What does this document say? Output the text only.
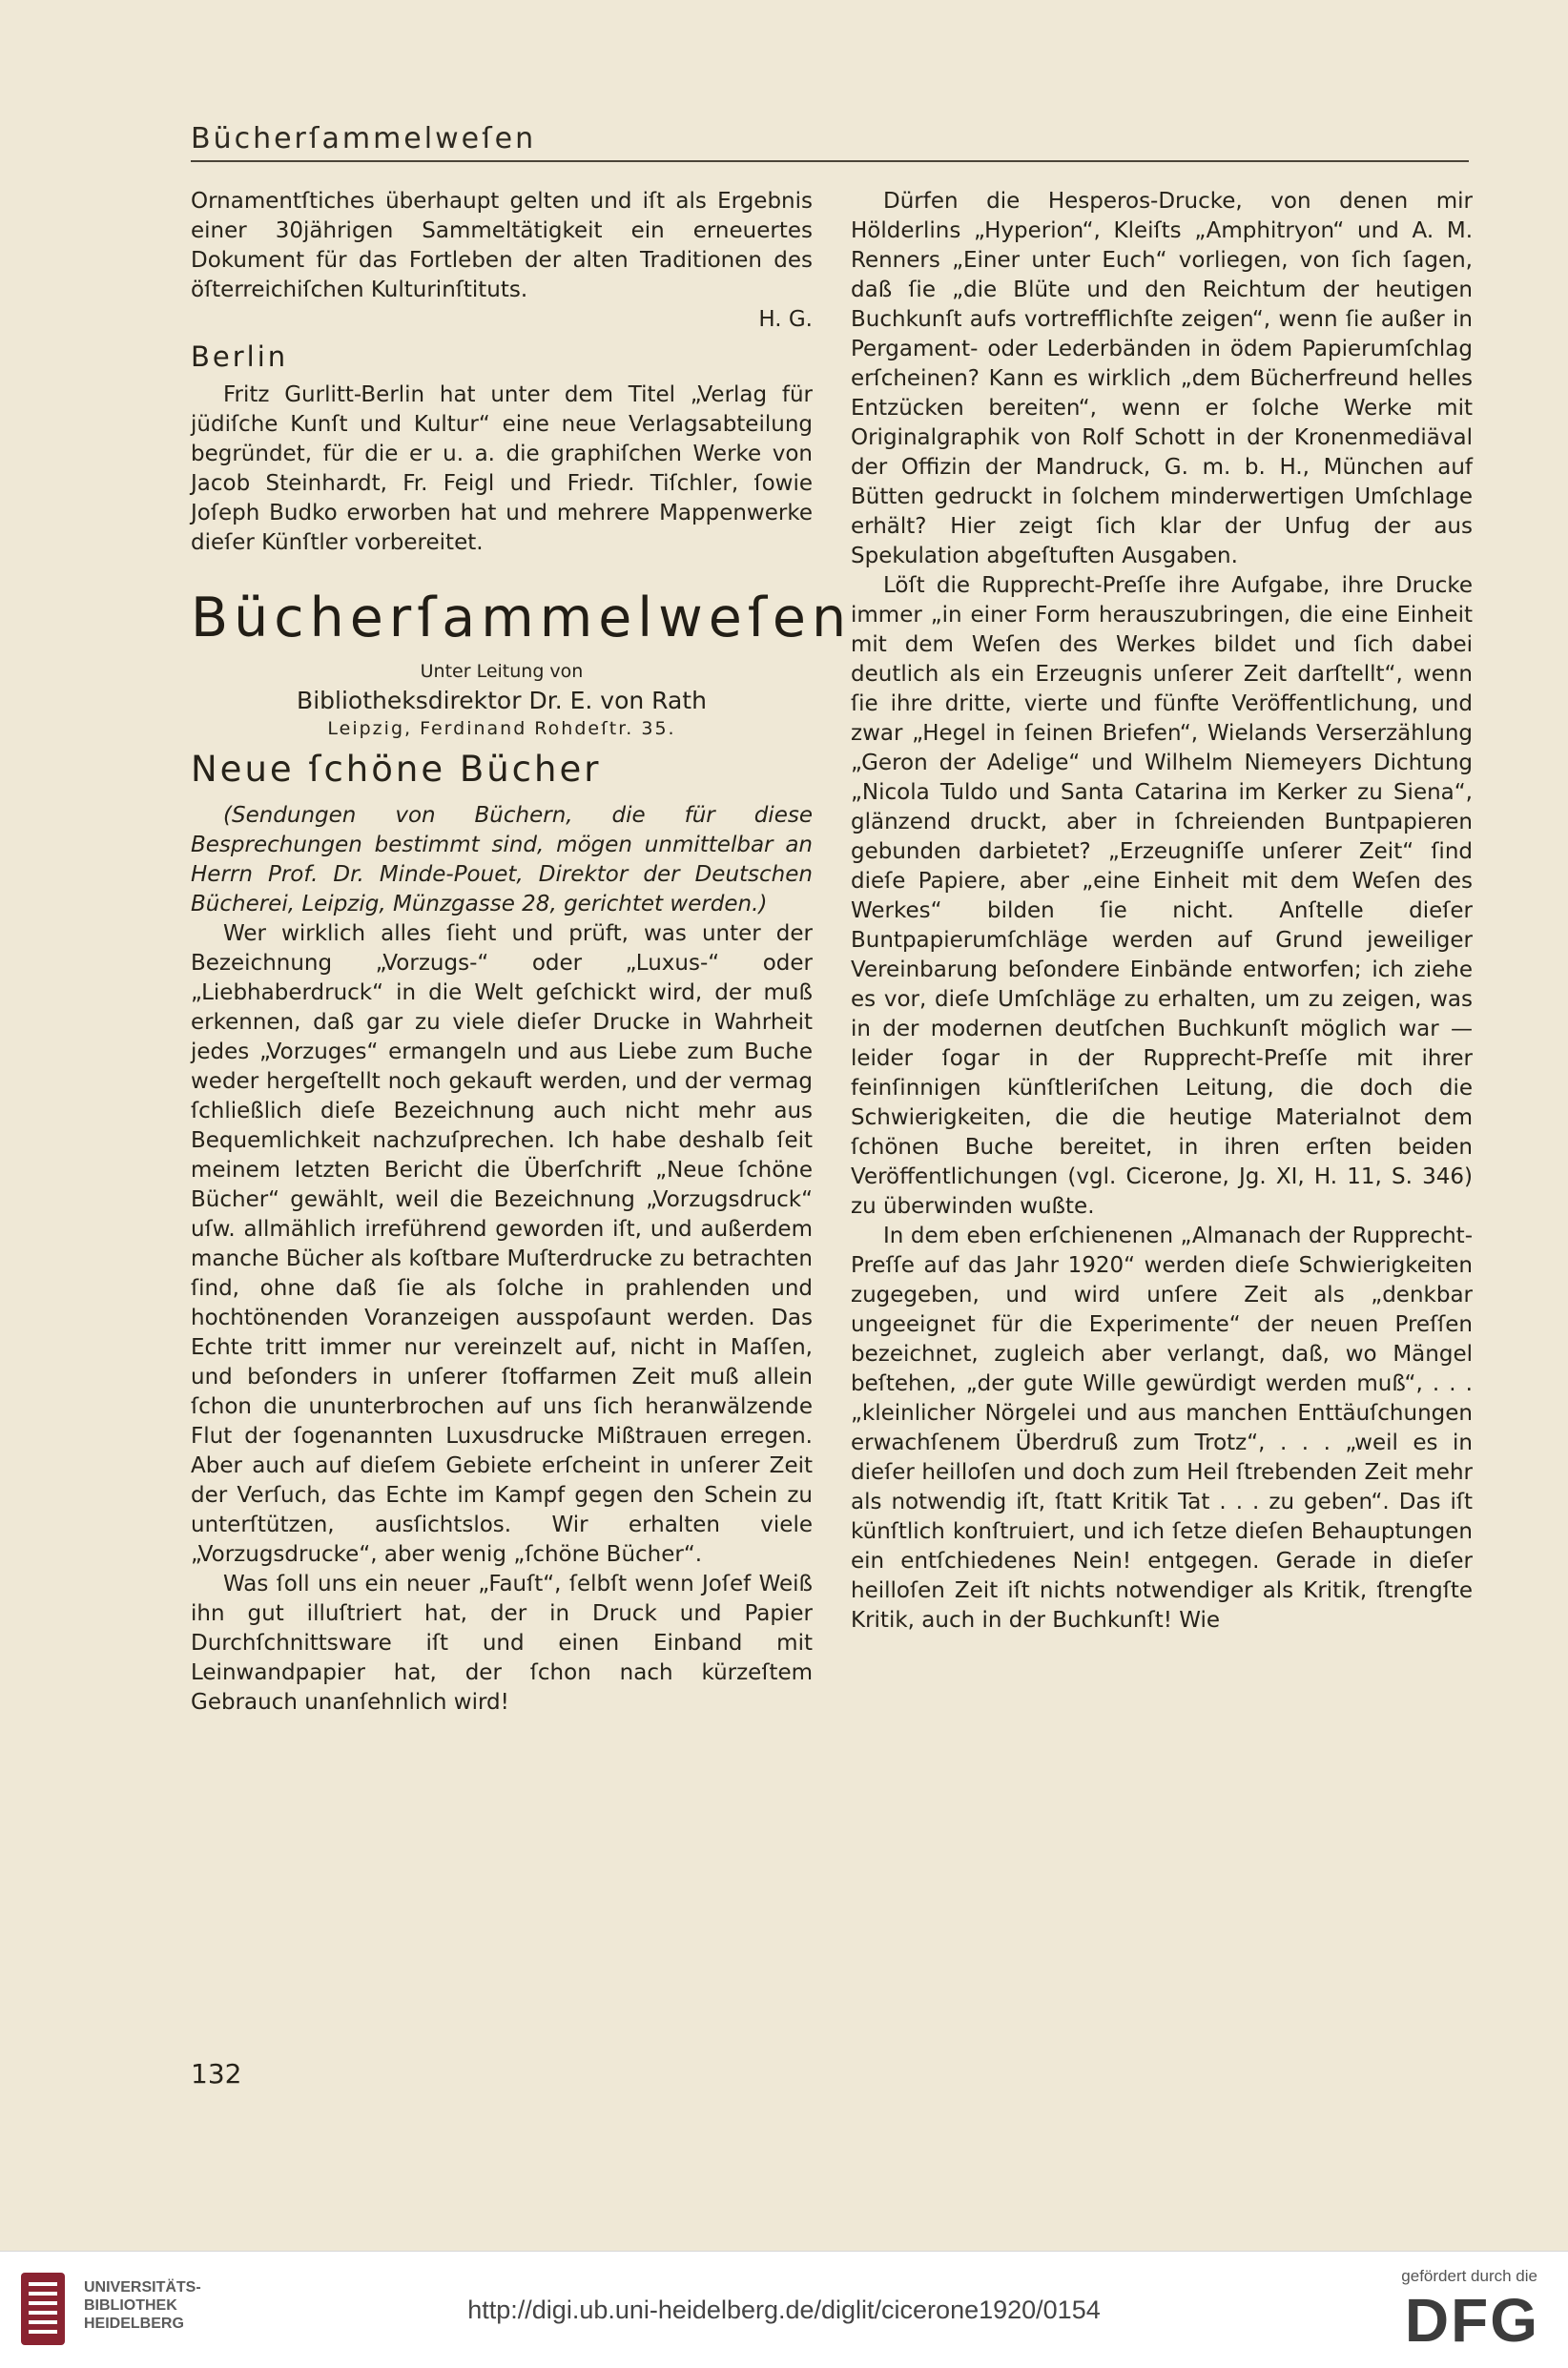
Bücherſammelweſen

Ornamentſtiches überhaupt gelten und iſt als Ergebnis einer 30jährigen Sammeltätigkeit ein erneuertes Dokument für das Fortleben der alten Traditionen des öſterreichiſchen Kulturinſtituts.

H. G.

Berlin

Fritz Gurlitt-Berlin hat unter dem Titel „Verlag für jüdiſche Kunſt und Kultur“ eine neue Verlagsabteilung begründet, für die er u. a. die graphiſchen Werke von Jacob Steinhardt, Fr. Feigl und Friedr. Tiſchler, ſowie Joſeph Budko erworben hat und mehrere Mappenwerke dieſer Künſtler vorbereitet.

Bücherſammelweſen
Unter Leitung von
Bibliotheksdirektor Dr. E. von Rath
Leipzig, Ferdinand Rohdeſtr. 35.
Neue ſchöne Bücher

(Sendungen von Büchern, die für diese Besprechungen bestimmt sind, mögen unmittelbar an Herrn Prof. Dr. Minde-Pouet, Direktor der Deutschen Bücherei, Leipzig, Münzgasse 28, gerichtet werden.)

Wer wirklich alles ſieht und prüft, was unter der Bezeichnung „Vorzugs-“ oder „Luxus-“ oder „Liebhaberdruck“ in die Welt geſchickt wird, der muß erkennen, daß gar zu viele dieſer Drucke in Wahrheit jedes „Vorzuges“ ermangeln und aus Liebe zum Buche weder hergeſtellt noch gekauft werden, und der vermag ſchließlich dieſe Bezeichnung auch nicht mehr aus Bequemlichkeit nachzuſprechen. Ich habe deshalb ſeit meinem letzten Bericht die Überſchrift „Neue ſchöne Bücher“ gewählt, weil die Bezeichnung „Vorzugsdruck“ uſw. allmählich irreführend geworden iſt, und außerdem manche Bücher als koſtbare Muſterdrucke zu betrachten ſind, ohne daß ſie als ſolche in prahlenden und hochtönenden Voranzeigen ausspoſaunt werden. Das Echte tritt immer nur vereinzelt auf, nicht in Maſſen, und beſonders in unſerer ſtoffarmen Zeit muß allein ſchon die ununterbrochen auf uns ſich heranwälzende Flut der ſogenannten Luxusdrucke Mißtrauen erregen. Aber auch auf dieſem Gebiete erſcheint in unſerer Zeit der Verſuch, das Echte im Kampf gegen den Schein zu unterſtützen, ausſichtslos. Wir erhalten viele „Vorzugsdrucke“, aber wenig „ſchöne Bücher“.

Was ſoll uns ein neuer „Fauſt“, ſelbſt wenn Joſef Weiß ihn gut illuſtriert hat, der in Druck und Papier Durchſchnittsware iſt und einen Einband mit Leinwandpapier hat, der ſchon nach kürzeſtem Gebrauch unanſehnlich wird!

Dürfen die Hesperos-Drucke, von denen mir Hölderlins „Hyperion“, Kleiſts „Amphitryon“ und A. M. Renners „Einer unter Euch“ vorliegen, von ſich ſagen, daß ſie „die Blüte und den Reichtum der heutigen Buchkunſt aufs vortrefflichſte zeigen“, wenn ſie außer in Pergament- oder Lederbänden in ödem Papierumſchlag erſcheinen? Kann es wirklich „dem Bücherfreund helles Entzücken bereiten“, wenn er ſolche Werke mit Originalgraphik von Rolf Schott in der Kronenmediäval der Offizin der Mandruck, G. m. b. H., München auf Bütten gedruckt in ſolchem minderwertigen Umſchlage erhält? Hier zeigt ſich klar der Unfug der aus Spekulation abgeſtuften Ausgaben.

Löſt die Rupprecht-Preſſe ihre Aufgabe, ihre Drucke immer „in einer Form herauszubringen, die eine Einheit mit dem Weſen des Werkes bildet und ſich dabei deutlich als ein Erzeugnis unſerer Zeit darſtellt“, wenn ſie ihre dritte, vierte und fünfte Veröffentlichung, und zwar „Hegel in ſeinen Briefen“, Wielands Verserzählung „Geron der Adelige“ und Wilhelm Niemeyers Dichtung „Nicola Tuldo und Santa Catarina im Kerker zu Siena“, glänzend druckt, aber in ſchreienden Buntpapieren gebunden darbietet? „Erzeugniſſe unſerer Zeit“ ſind dieſe Papiere, aber „eine Einheit mit dem Weſen des Werkes“ bilden ſie nicht. Anſtelle dieſer Buntpapierumſchläge werden auf Grund jeweiliger Vereinbarung beſondere Einbände entworfen; ich ziehe es vor, dieſe Umſchläge zu erhalten, um zu zeigen, was in der modernen deutſchen Buchkunſt möglich war — leider ſogar in der Rupprecht-Preſſe mit ihrer feinſinnigen künſtleriſchen Leitung, die doch die Schwierigkeiten, die die heutige Materialnot dem ſchönen Buche bereitet, in ihren erſten beiden Veröffentlichungen (vgl. Cicerone, Jg. XI, H. 11, S. 346) zu überwinden wußte.

In dem eben erſchienenen „Almanach der Rupprecht-Preſſe auf das Jahr 1920“ werden dieſe Schwierigkeiten zugegeben, und wird unſere Zeit als „denkbar ungeeignet für die Experimente“ der neuen Preſſen bezeichnet, zugleich aber verlangt, daß, wo Mängel beſtehen, „der gute Wille gewürdigt werden muß“, . . . „kleinlicher Nörgelei und aus manchen Enttäuſchungen erwachſenem Überdruß zum Trotz“, . . . „weil es in dieſer heilloſen und doch zum Heil ſtrebenden Zeit mehr als notwendig iſt, ſtatt Kritik Tat . . . zu geben“. Das iſt künſtlich konſtruiert, und ich ſetze dieſen Behauptungen ein entſchiedenes Nein! entgegen. Gerade in dieſer heilloſen Zeit iſt nichts notwendiger als Kritik, ſtrengſte Kritik, auch in der Buchkunſt! Wie

132
UNIVERSITÄTS-
BIBLIOTHEK
HEIDELBERG	http://digi.ub.uni-heidelberg.de/diglit/cicerone1920/0154
gefördert durch die
DFG
